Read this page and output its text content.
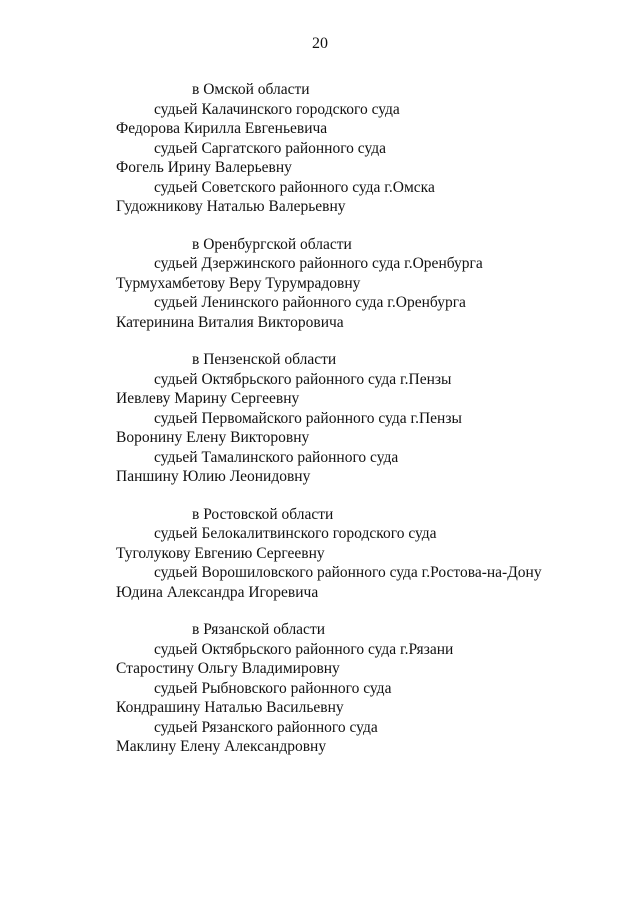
20
в Омской области
судьей Калачинского городского суда
Федорова Кирилла Евгеньевича
судьей Саргатского районного суда
Фогель Ирину Валерьевну
судьей Советского районного суда г.Омска
Гудожникову Наталью Валерьевну
в Оренбургской области
судьей Дзержинского районного суда г.Оренбурга
Турмухамбетову Веру Турумрадовну
судьей Ленинского районного суда г.Оренбурга
Катеринина Виталия Викторовича
в Пензенской области
судьей Октябрьского районного суда г.Пензы
Иевлеву Марину Сергеевну
судьей Первомайского районного суда г.Пензы
Воронину Елену Викторовну
судьей Тамалинского районного суда
Паншину Юлию Леонидовну
в Ростовской области
судьей Белокалитвинского городского суда
Туголукову Евгению Сергеевну
судьей Ворошиловского районного суда г.Ростова-на-Дону
Юдина Александра Игоревича
в Рязанской области
судьей Октябрьского районного суда г.Рязани
Старостину Ольгу Владимировну
судьей Рыбновского районного суда
Кондрашину Наталью Васильевну
судьей Рязанского районного суда
Маклину Елену Александровну
